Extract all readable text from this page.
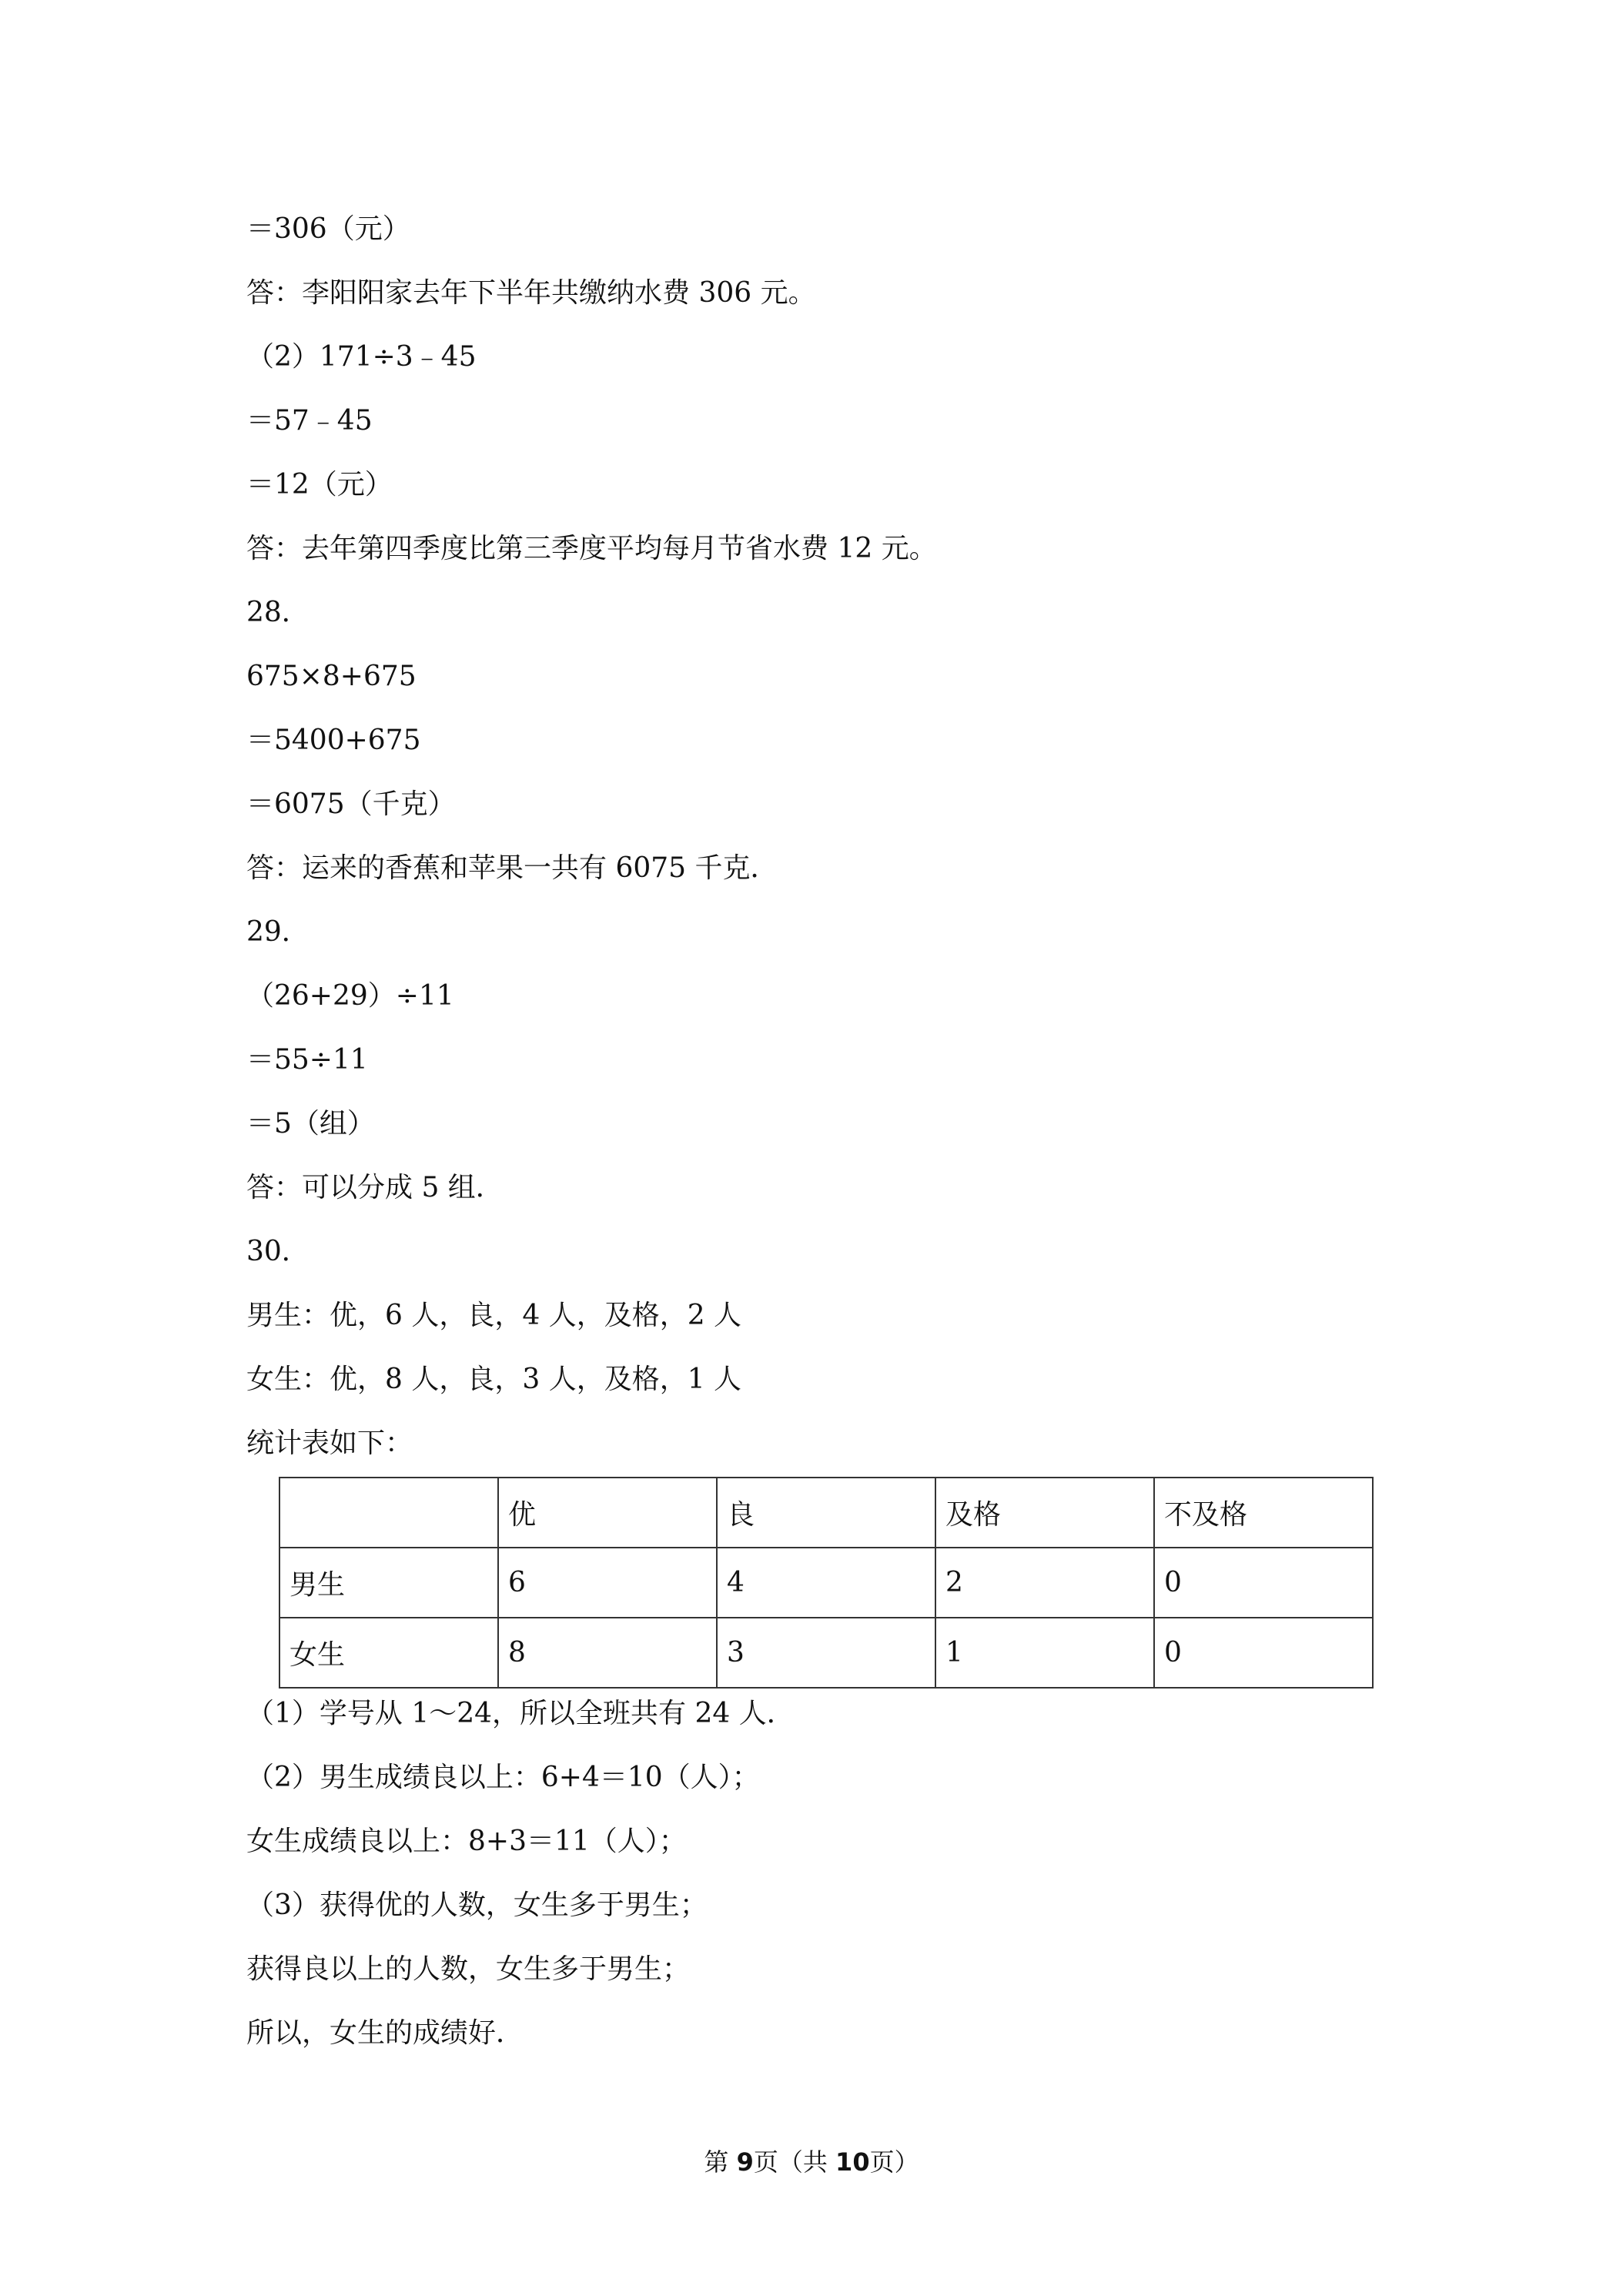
＝306（元）
答：李阳阳家去年下半年共缴纳水费 306 元。
（2）171÷3﹣45
＝57﹣45
＝12（元）
答：去年第四季度比第三季度平均每月节省水费 12 元。
28．
675×8+675
＝5400+675
＝6075（千克）
答：运来的香蕉和苹果一共有 6075 千克．
29．
（26+29）÷11
＝55÷11
＝5（组）
答：可以分成 5 组．
30．
男生：优，6 人，良，4 人，及格，2 人
女生：优，8 人，良，3 人，及格，1 人
统计表如下：
	优	良	及格	不及格
男生	6	4	2	0
女生	8	3	1	0
（1）学号从 1～24，所以全班共有 24 人．
（2）男生成绩良以上：6+4＝10（人）；
女生成绩良以上：8+3＝11（人）；
（3）获得优的人数，女生多于男生；
获得良以上的人数，女生多于男生；
所以，女生的成绩好．
第 9页（共 10页）
